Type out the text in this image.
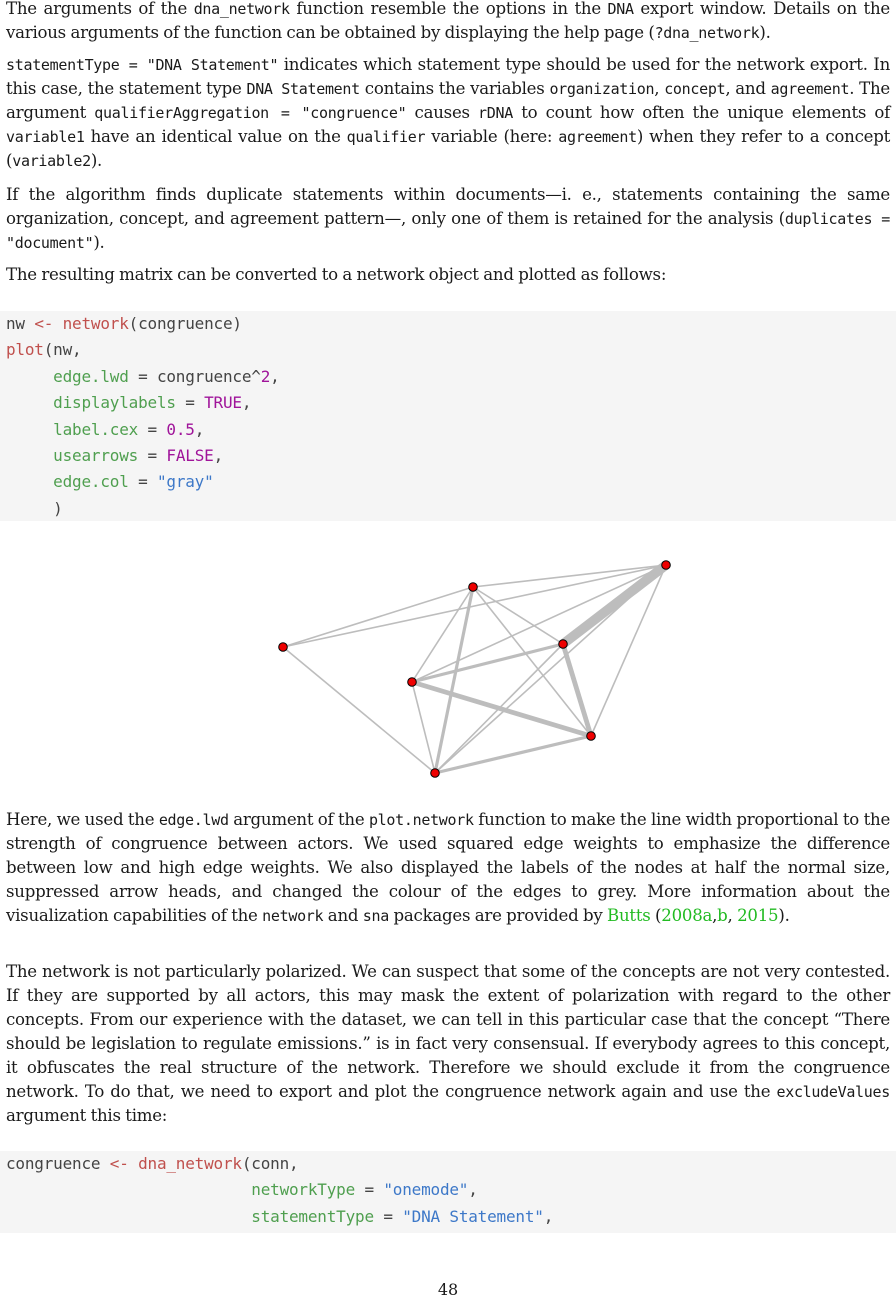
The arguments of the dna_network function resemble the options in the DNA export window. Details on the various arguments of the function can be obtained by displaying the help page (?dna_network).

statementType = "DNA Statement" indicates which statement type should be used for the network export. In this case, the statement type DNA Statement contains the variables organization, concept, and agreement. The argument qualifierAggregation = "congruence" causes rDNA to count how often the unique elements of variable1 have an identical value on the qualifier variable (here: agreement) when they refer to a concept (variable2).

If the algorithm finds duplicate statements within documents—i. e., statements containing the same organization, concept, and agreement pattern—, only one of them is retained for the analysis (duplicates = "document").

The resulting matrix can be converted to a network object and plotted as follows:

nw <- network(congruence)
plot(nw,
edge.lwd = congruence^2,
displaylabels = TRUE,
label.cex = 0.5,
usearrows = FALSE,
edge.col = "gray"
)

Here, we used the edge.lwd argument of the plot.network function to make the line width proportional to the strength of congruence between actors. We used squared edge weights to emphasize the difference between low and high edge weights. We also displayed the labels of the nodes at half the normal size, suppressed arrow heads, and changed the colour of the edges to grey. More information about the visualization capabilities of the network and sna packages are provided by Butts (2008a,b, 2015).

The network is not particularly polarized. We can suspect that some of the concepts are not very contested. If they are supported by all actors, this may mask the extent of polarization with regard to the other concepts. From our experience with the dataset, we can tell in this particular case that the concept “There should be legislation to regulate emissions.” is in fact very consensual. If everybody agrees to this concept, it obfuscates the real structure of the network. Therefore we should exclude it from the congruence network. To do that, we need to export and plot the congruence network again and use the excludeValues argument this time:

congruence <- dna_network(conn,
networkType = "onemode",
statementType = "DNA Statement",
48
